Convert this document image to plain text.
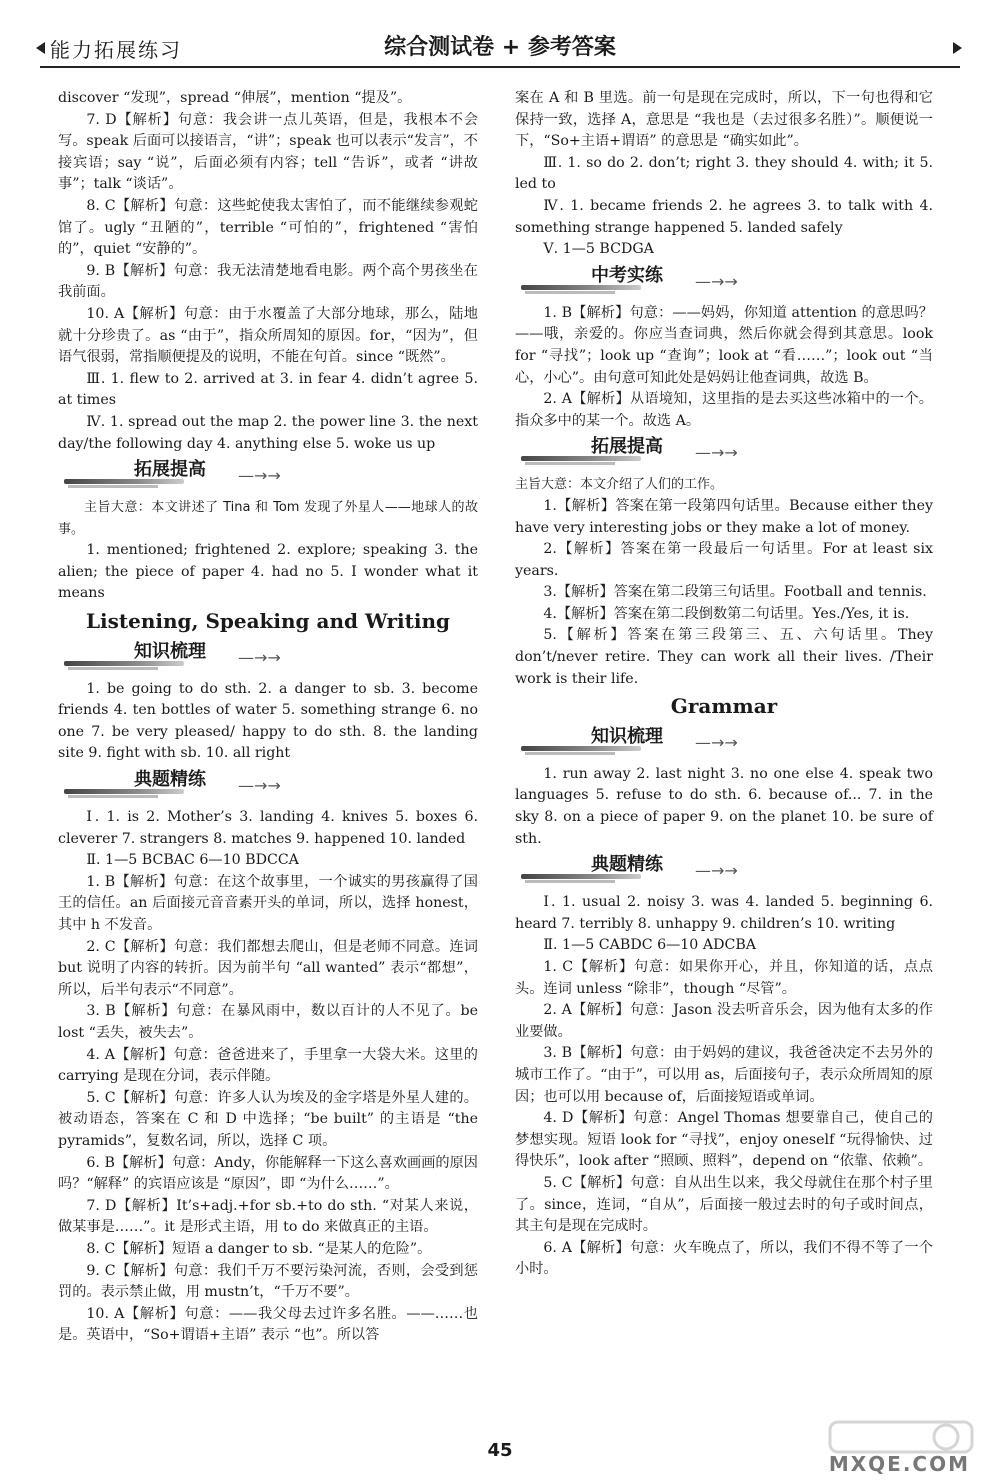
能力拓展练习	综合测试卷 + 参考答案

discover “发现”，spread “伸展”，mention “提及”。

7. D【解析】句意：我会讲一点儿英语，但是，我根本不会写。speak 后面可以接语言，“讲”；speak 也可以表示“发言”，不接宾语；say “说”，后面必须有内容；tell “告诉”，或者 “讲故事”；talk “谈话”。

8. C【解析】句意：这些蛇使我太害怕了，而不能继续参观蛇馆了。ugly “丑陋的”，terrible “可怕的”，frightened “害怕的”，quiet “安静的”。

9. B【解析】句意：我无法清楚地看电影。两个高个男孩坐在我前面。

10. A【解析】句意：由于水覆盖了大部分地球，那么，陆地就十分珍贵了。as “由于”，指众所周知的原因。for，“因为”，但语气很弱，常指顺便提及的说明，不能在句首。since “既然”。

Ⅲ. 1. flew to 2. arrived at 3. in fear 4. didn’t agree 5. at times

Ⅳ. 1. spread out the map 2. the power line 3. the next day/the following day 4. anything else 5. woke us up

拓展提高 —→→

主旨大意：本文讲述了 Tina 和 Tom 发现了外星人——地球人的故事。

1. mentioned; frightened 2. explore; speaking 3. the alien; the piece of paper 4. had no 5. I wonder what it means

Listening, Speaking and Writing
知识梳理 —→→

1. be going to do sth. 2. a danger to sb. 3. become friends 4. ten bottles of water 5. something strange 6. no one 7. be very pleased/ happy to do sth. 8. the landing site 9. fight with sb. 10. all right

典题精练 —→→

Ⅰ. 1. is 2. Mother’s 3. landing 4. knives 5. boxes 6. cleverer 7. strangers 8. matches 9. happened 10. landed

Ⅱ. 1—5 BCBAC 6—10 BDCCA

1. B【解析】句意：在这个故事里，一个诚实的男孩赢得了国王的信任。an 后面接元音音素开头的单词，所以，选择 honest，其中 h 不发音。

2. C【解析】句意：我们都想去爬山，但是老师不同意。连词 but 说明了内容的转折。因为前半句 “all wanted” 表示“都想”，所以，后半句表示“不同意”。

3. B【解析】句意：在暴风雨中，数以百计的人不见了。be lost “丢失，被失去”。

4. A【解析】句意：爸爸进来了，手里拿一大袋大米。这里的 carrying 是现在分词，表示伴随。

5. C【解析】句意：许多人认为埃及的金字塔是外星人建的。被动语态，答案在 C 和 D 中选择；“be built” 的主语是 “the pyramids”，复数名词，所以，选择 C 项。

6. B【解析】句意：Andy，你能解释一下这么喜欢画画的原因吗？“解释” 的宾语应该是 “原因”，即 “为什么……”。

7. D【解析】It’s+adj.+for sb.+to do sth. “对某人来说，做某事是……”。it 是形式主语，用 to do 来做真正的主语。

8. C【解析】短语 a danger to sb. “是某人的危险”。

9. C【解析】句意：我们千万不要污染河流，否则，会受到惩罚的。表示禁止做，用 mustn’t，“千万不要”。

10. A【解析】句意：——我父母去过许多名胜。——……也是。英语中，“So+谓语+主语” 表示 “也”。所以答

案在 A 和 B 里选。前一句是现在完成时，所以，下一句也得和它保持一致，选择 A，意思是 “我也是（去过很多名胜）”。顺便说一下，“So+主语+谓语” 的意思是 “确实如此”。

Ⅲ. 1. so do 2. don’t; right 3. they should 4. with; it 5. led to

Ⅳ. 1. became friends 2. he agrees 3. to talk with 4. something strange happened 5. landed safely

Ⅴ. 1—5 BCDGA

中考实练 —→→

1. B【解析】句意：——妈妈，你知道 attention 的意思吗？——哦，亲爱的。你应当查词典，然后你就会得到其意思。look for “寻找”；look up “查询”；look at “看……”；look out “当心，小心”。由句意可知此处是妈妈让他查词典，故选 B。

2. A【解析】从语境知，这里指的是去买这些冰箱中的一个。指众多中的某一个。故选 A。

拓展提高 —→→

主旨大意：本文介绍了人们的工作。

1.【解析】答案在第一段第四句话里。Because either they have very interesting jobs or they make a lot of money.

2.【解析】答案在第一段最后一句话里。For at least six years.

3.【解析】答案在第二段第三句话里。Football and tennis.

4.【解析】答案在第二段倒数第二句话里。Yes./Yes, it is.

5.【解析】答案在第三段第三、五、六句话里。They don’t/never retire. They can work all their lives. /Their work is their life.

Grammar
知识梳理 —→→

1. run away 2. last night 3. no one else 4. speak two languages 5. refuse to do sth. 6. because of... 7. in the sky 8. on a piece of paper 9. on the planet 10. be sure of sth.

典题精练 —→→

Ⅰ. 1. usual 2. noisy 3. was 4. landed 5. beginning 6. heard 7. terribly 8. unhappy 9. children’s 10. writing

Ⅱ. 1—5 CABDC 6—10 ADCBA

1. C【解析】句意：如果你开心，并且，你知道的话，点点头。连词 unless “除非”，though “尽管”。

2. A【解析】句意：Jason 没去听音乐会，因为他有太多的作业要做。

3. B【解析】句意：由于妈妈的建议，我爸爸决定不去另外的城市工作了。“由于”，可以用 as，后面接句子，表示众所周知的原因；也可以用 because of，后面接短语或单词。

4. D【解析】句意：Angel Thomas 想要靠自己，使自己的梦想实现。短语 look for “寻找”，enjoy oneself “玩得愉快、过得快乐”，look after “照顾、照料”，depend on “依靠、依赖”。

5. C【解析】句意：自从出生以来，我父母就住在那个村子里了。since，连词，“自从”，后面接一般过去时的句子或时间点，其主句是现在完成时。

6. A【解析】句意：火车晚点了，所以，我们不得不等了一个小时。

45
MXQE.COM
